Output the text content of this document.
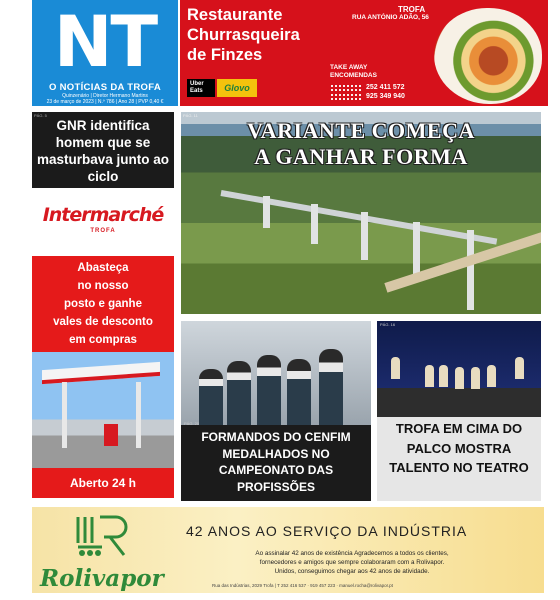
NT
O NOTÍCIAS DA TROFA
Quinzenário | Diretor Hermano Martins
23 de março de 2023 | N.º 786 | Ano 28 | PVP 0,40 €
Restaurante
Churrasqueira
de Finzes
TROFA
RUA ANTÓNIO ADÃO, 56
TAKE AWAY
ENCOMENDAS
252 411 572
925 349 940
Uber
Eats	Glovo
PÁG. 5
GNR identifica homem que se masturbava junto ao ciclo
Intermarché
TROFA
Abasteça
no nosso
posto e ganhe
vales de desconto
em compras
Aberto 24 h
PÁG. 11
VARIANTE COMEÇA
A GANHAR FORMA
PÁG. 20
FORMANDOS DO CENFIM MEDALHADOS NO CAMPEONATO DAS PROFISSÕES
PÁG. 16
TROFA EM CIMA DO PALCO MOSTRA TALENTO NO TEATRO
Rolivapor
42 ANOS AO SERVIÇO DA INDÚSTRIA
Ao assinalar 42 anos de existência Agradecemos a todos os clientes,
fornecedores e amigos que sempre colaboraram com a Rolivapor.
Unidos, conseguimos chegar aos 42 anos de atividade.
Rua das Indústrias, 2029 Trofa | T 252 416 537 · 919 457 223 · manuel.rocha@rolivapor.pt
